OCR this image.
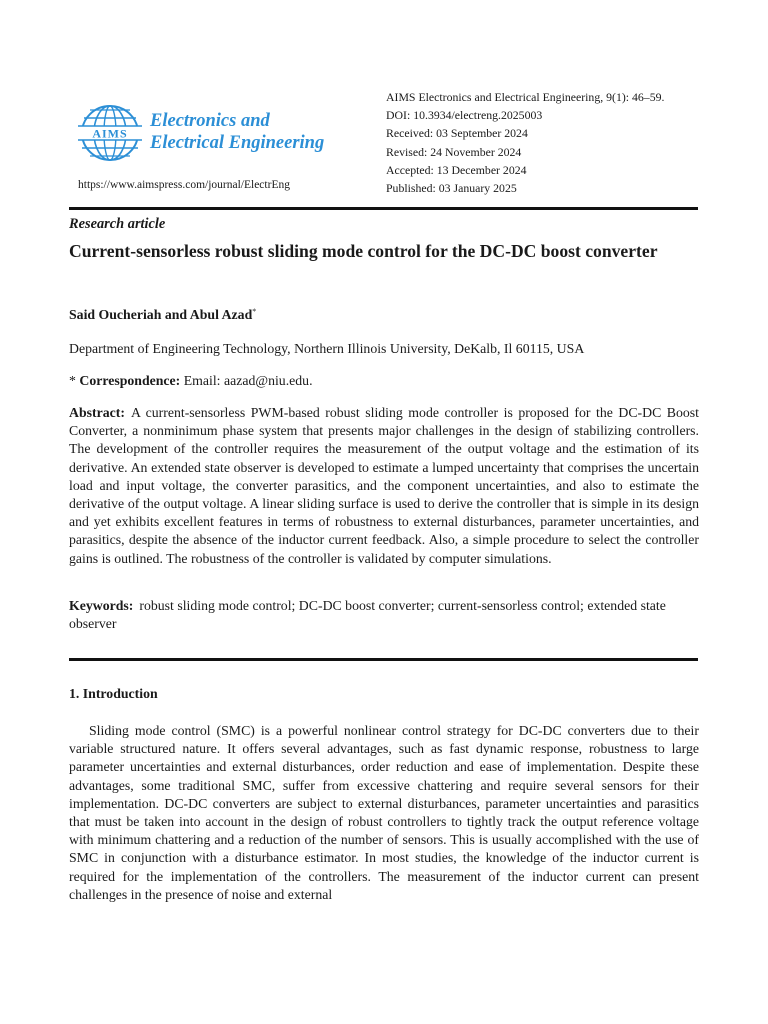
AIMS
Electronics and
Electrical Engineering
https://www.aimspress.com/journal/ElectrEng
AIMS Electronics and Electrical Engineering, 9(1): 46–59.
DOI: 10.3934/electreng.2025003
Received: 03 September 2024
Revised: 24 November 2024
Accepted: 13 December 2024
Published: 03 January 2025
Research article
Current-sensorless robust sliding mode control for the DC-DC boost converter
Said Oucheriah and Abul Azad*
Department of Engineering Technology, Northern Illinois University, DeKalb, Il 60115, USA
* Correspondence: Email: aazad@niu.edu.

Abstract: A current-sensorless PWM-based robust sliding mode controller is proposed for the DC-DC Boost Converter, a nonminimum phase system that presents major challenges in the design of stabilizing controllers. The development of the controller requires the measurement of the output voltage and the estimation of its derivative. An extended state observer is developed to estimate a lumped uncertainty that comprises the uncertain load and input voltage, the converter parasitics, and the component uncertainties, and also to estimate the derivative of the output voltage. A linear sliding surface is used to derive the controller that is simple in its design and yet exhibits excellent features in terms of robustness to external disturbances, parameter uncertainties, and parasitics, despite the absence of the inductor current feedback. Also, a simple procedure to select the controller gains is outlined. The robustness of the controller is validated by computer simulations.

Keywords: robust sliding mode control; DC-DC boost converter; current-sensorless control; extended state observer

1. Introduction

Sliding mode control (SMC) is a powerful nonlinear control strategy for DC-DC converters due to their variable structured nature. It offers several advantages, such as fast dynamic response, robustness to large parameter uncertainties and external disturbances, order reduction and ease of implementation. Despite these advantages, some traditional SMC, suffer from excessive chattering and require several sensors for their implementation. DC-DC converters are subject to external disturbances, parameter uncertainties and parasitics that must be taken into account in the design of robust controllers to tightly track the output reference voltage with minimum chattering and a reduction of the number of sensors. This is usually accomplished with the use of SMC in conjunction with a disturbance estimator. In most studies, the knowledge of the inductor current is required for the implementation of the controllers. The measurement of the inductor current can present challenges in the presence of noise and external
